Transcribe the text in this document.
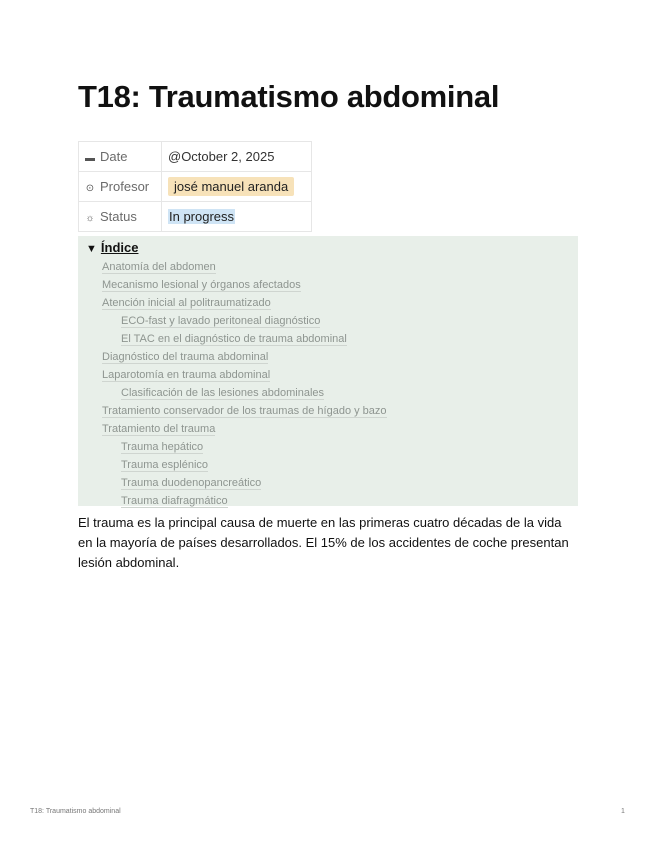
T18: Traumatismo abdominal
▬ Date	@October 2, 2025
⊙ Profesor	josé manuel aranda
☼ Status	In progress
▼ Índice
Anatomía del abdomen
Mecanismo lesional y órganos afectados
Atención inicial al politraumatizado
ECO-fast y lavado peritoneal diagnóstico
El TAC en el diagnóstico de trauma abdominal
Diagnóstico del trauma abdominal
Laparotomía en trauma abdominal
Clasificación de las lesiones abdominales
Tratamiento conservador de los traumas de hígado y bazo
Tratamiento del trauma
Trauma hepático
Trauma esplénico
Trauma duodenopancreático
Trauma diafragmático

El trauma es la principal causa de muerte en las primeras cuatro décadas de la vida en la mayoría de países desarrollados. El 15% de los accidentes de coche presentan lesión abdominal.

T18: Traumatismo abdominal	1
